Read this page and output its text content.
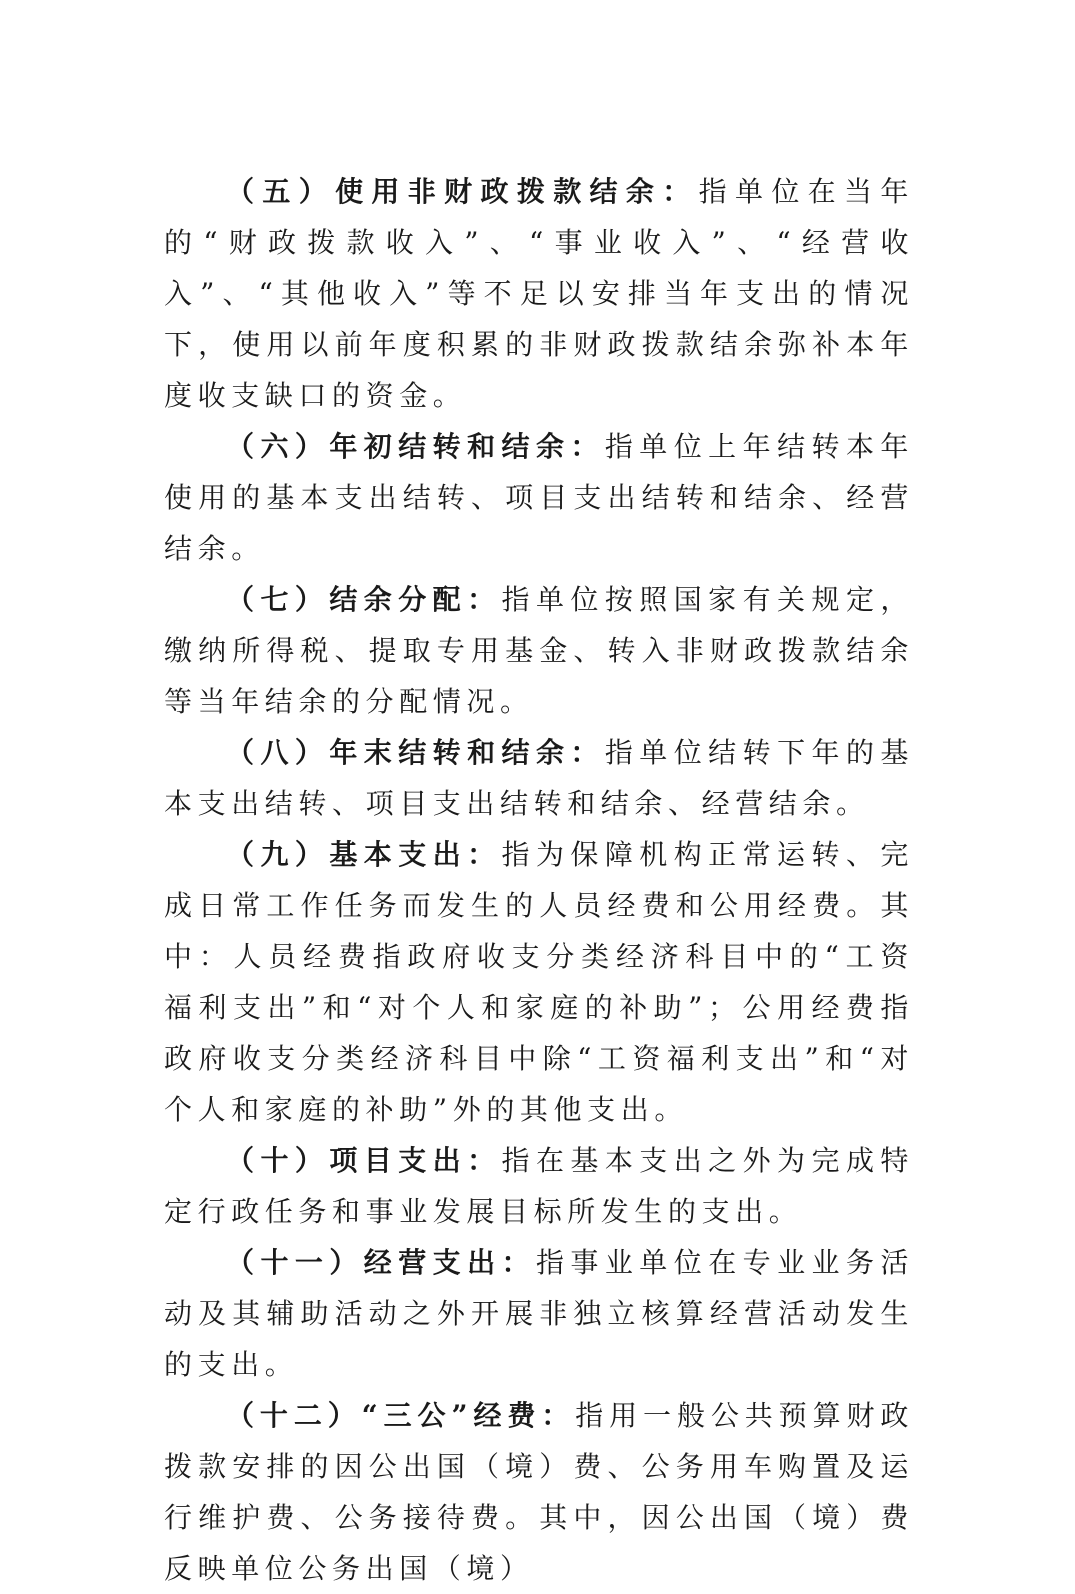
（五）使用非财政拨款结余：指单位在当年的“财政拨款收入”、“事业收入”、“经营收入”、“其他收入”等不足以安排当年支出的情况下，使用以前年度积累的非财政拨款结余弥补本年度收支缺口的资金。

（六）年初结转和结余：指单位上年结转本年使用的基本支出结转、项目支出结转和结余、经营结余。

（七）结余分配：指单位按照国家有关规定，缴纳所得税、提取专用基金、转入非财政拨款结余等当年结余的分配情况。

（八）年末结转和结余：指单位结转下年的基本支出结转、项目支出结转和结余、经营结余。

（九）基本支出：指为保障机构正常运转、完成日常工作任务而发生的人员经费和公用经费。其中：人员经费指政府收支分类经济科目中的“工资福利支出”和“对个人和家庭的补助”；公用经费指政府收支分类经济科目中除“工资福利支出”和“对个人和家庭的补助”外的其他支出。

（十）项目支出：指在基本支出之外为完成特定行政任务和事业发展目标所发生的支出。

（十一）经营支出：指事业单位在专业业务活动及其辅助活动之外开展非独立核算经营活动发生的支出。

（十二）“三公”经费：指用一般公共预算财政拨款安排的因公出国（境）费、公务用车购置及运行维护费、公务接待费。其中，因公出国（境）费反映单位公务出国（境）
